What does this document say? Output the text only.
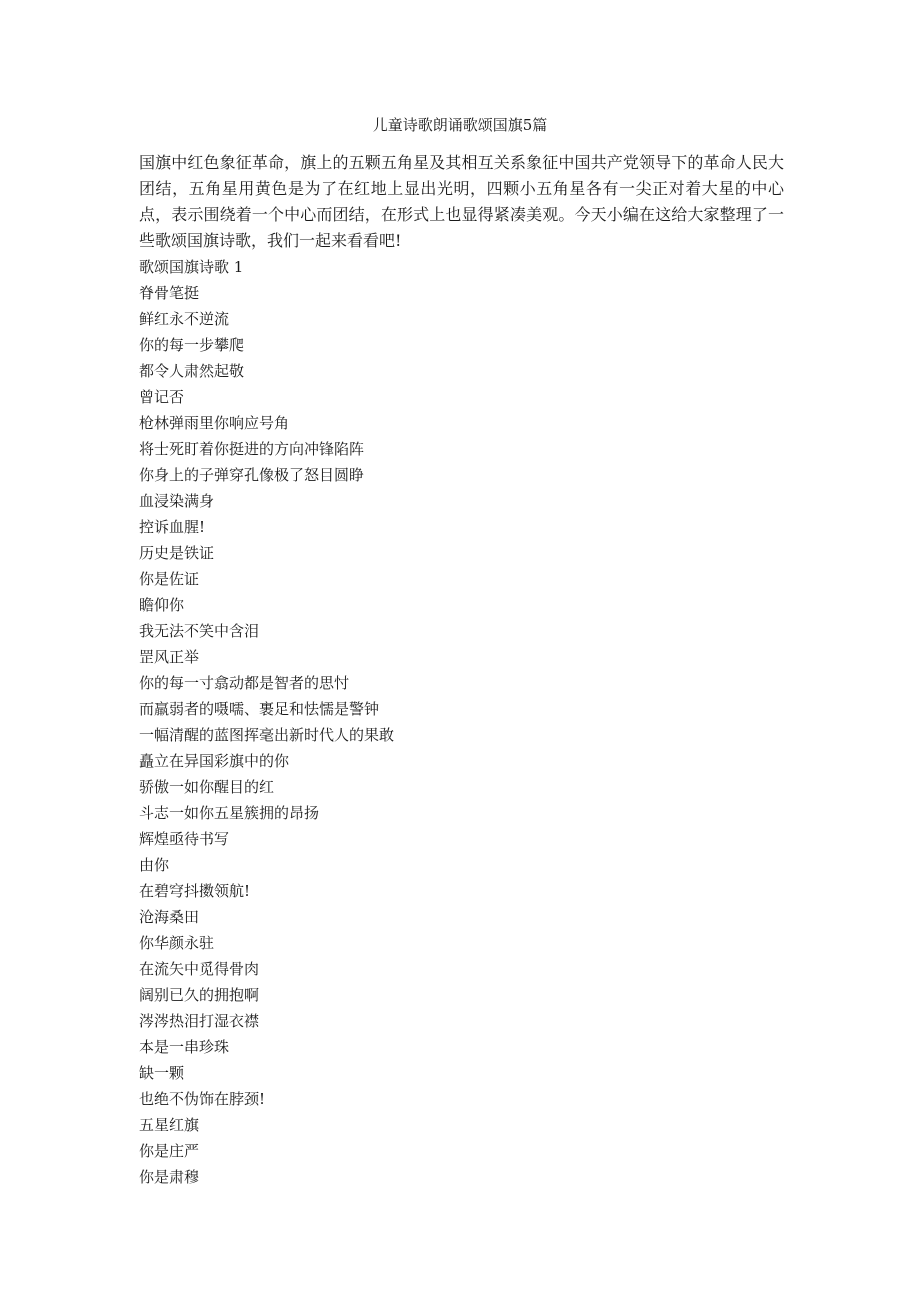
儿童诗歌朗诵歌颂国旗5篇

国旗中红色象征革命，旗上的五颗五角星及其相互关系象征中国共产党领导下的革命人民大团结，五角星用黄色是为了在红地上显出光明，四颗小五角星各有一尖正对着大星的中心点，表示围绕着一个中心而团结，在形式上也显得紧凑美观。今天小编在这给大家整理了一些歌颂国旗诗歌，我们一起来看看吧!

歌颂国旗诗歌 1
脊骨笔挺
鲜红永不逆流
你的每一步攀爬
都令人肃然起敬
曾记否
枪林弹雨里你响应号角
将士死盯着你挺进的方向冲锋陷阵
你身上的子弹穿孔像极了怒目圆睁
血浸染满身
控诉血腥!
历史是铁证
你是佐证
瞻仰你
我无法不笑中含泪
罡风正举
你的每一寸翕动都是智者的思忖
而羸弱者的嗫嚅、裹足和怯懦是警钟
一幅清醒的蓝图挥毫出新时代人的果敢
矗立在异国彩旗中的你
骄傲一如你醒目的红
斗志一如你五星簇拥的昂扬
辉煌亟待书写
由你
在碧穹抖擞领航!
沧海桑田
你华颜永驻
在流矢中觅得骨肉
阔别已久的拥抱啊
涔涔热泪打湿衣襟
本是一串珍珠
缺一颗
也绝不伪饰在脖颈!
五星红旗
你是庄严
你是肃穆
